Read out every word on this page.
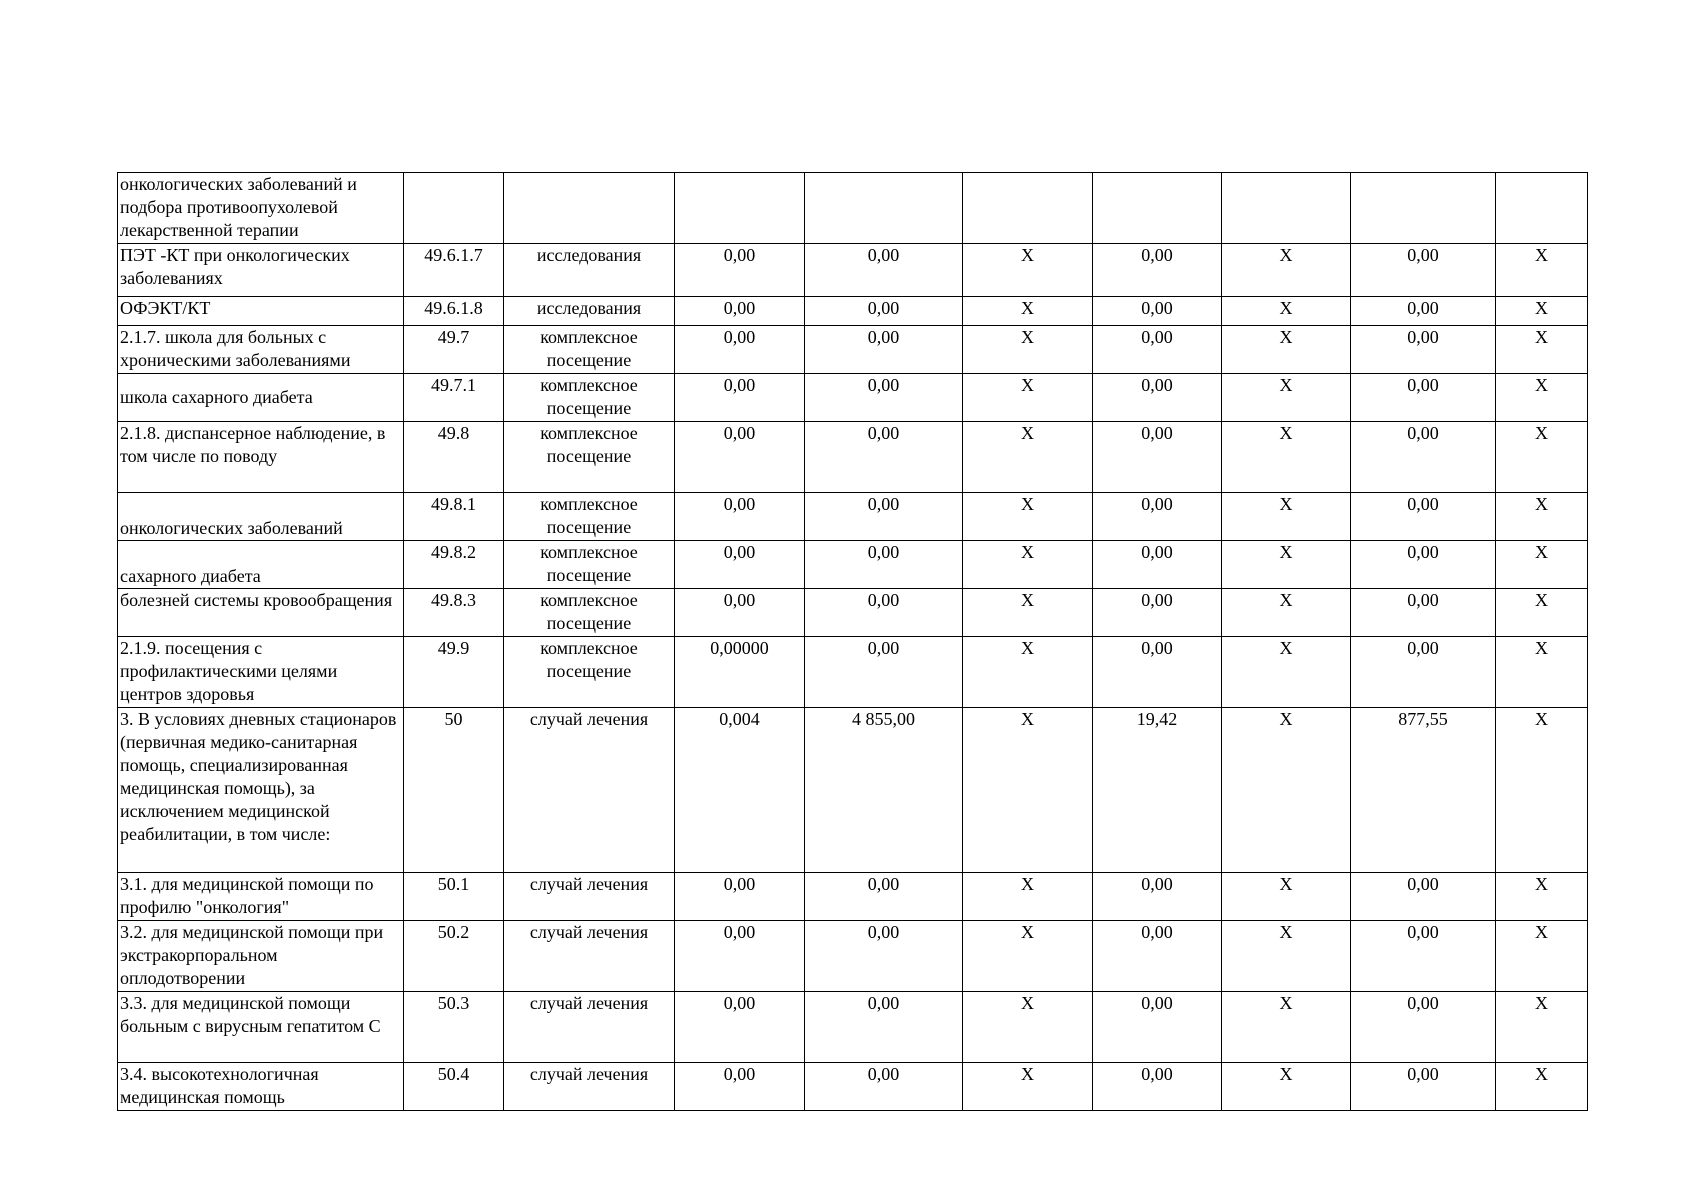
онкологических заболеваний и подбора противоопухолевой лекарственной терапии									
ПЭТ -КТ при онкологических заболеваниях	49.6.1.7	исследования	0,00	0,00	X	0,00	X	0,00	X
ОФЭКТ/КТ	49.6.1.8	исследования	0,00	0,00	X	0,00	X	0,00	X
2.1.7. школа для больных с хроническими заболеваниями	49.7	комплексное посещение	0,00	0,00	X	0,00	X	0,00	X
школа сахарного диабета	49.7.1	комплексное посещение	0,00	0,00	X	0,00	X	0,00	X
2.1.8. диспансерное наблюдение, в том числе по поводу	49.8	комплексное посещение	0,00	0,00	X	0,00	X	0,00	X
онкологических заболеваний	49.8.1	комплексное посещение	0,00	0,00	X	0,00	X	0,00	X
сахарного диабета	49.8.2	комплексное посещение	0,00	0,00	X	0,00	X	0,00	X
болезней системы кровообращения	49.8.3	комплексное посещение	0,00	0,00	X	0,00	X	0,00	X
2.1.9. посещения с профилактическими целями центров здоровья	49.9	комплексное посещение	0,00000	0,00	X	0,00	X	0,00	X
3. В условиях дневных стационаров (первичная медико-санитарная помощь, специализированная медицинская помощь), за исключением медицинской реабилитации, в том числе:	50	случай лечения	0,004	4 855,00	X	19,42	X	877,55	X
3.1. для медицинской помощи по профилю "онкология"	50.1	случай лечения	0,00	0,00	X	0,00	X	0,00	X
3.2. для медицинской помощи при экстракорпоральном оплодотворении	50.2	случай лечения	0,00	0,00	X	0,00	X	0,00	X
3.3. для медицинской помощи больным с вирусным гепатитом С	50.3	случай лечения	0,00	0,00	X	0,00	X	0,00	X
3.4. высокотехнологичная медицинская помощь	50.4	случай лечения	0,00	0,00	X	0,00	X	0,00	X
